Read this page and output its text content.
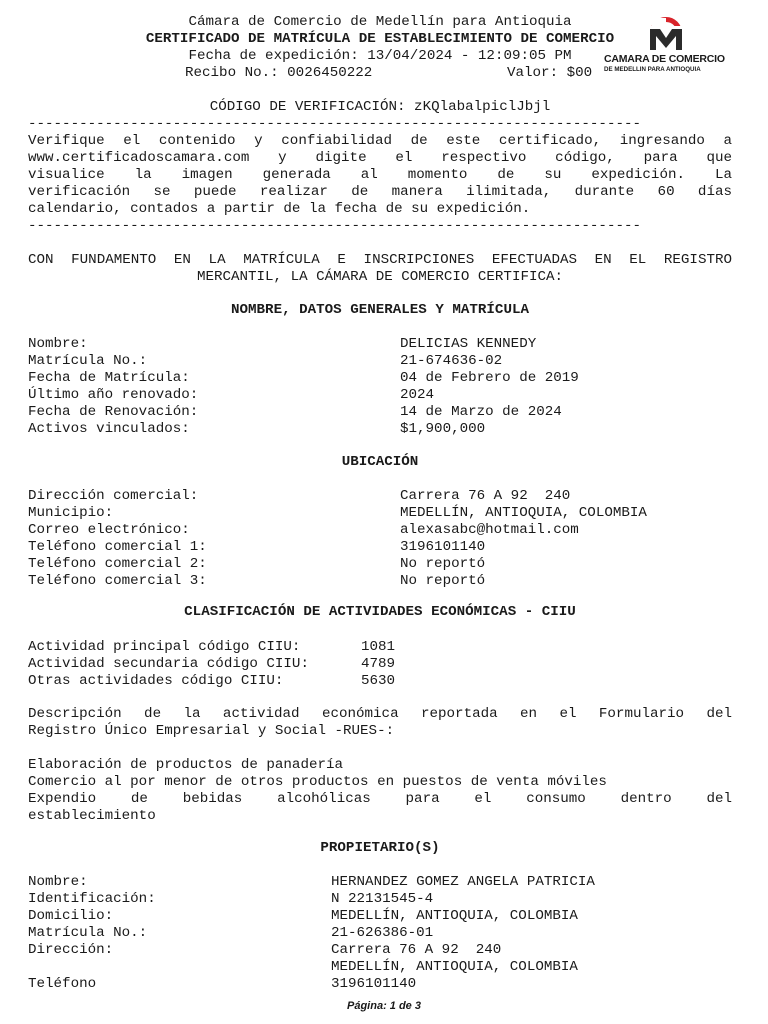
Cámara de Comercio de Medellín para Antioquia
CERTIFICADO DE MATRÍCULA DE ESTABLECIMIENTO DE COMERCIO
Fecha de expedición: 13/04/2024 - 12:09:05 PM
Recibo No.: 0026450222	Valor: $00
CAMARA DE COMERCIO
DE MEDELLIN PARA ANTIOQUIA
CÓDIGO DE VERIFICACIÓN: zKQlabalpiclJbjl
------------------------------------------------------------------------
Verifique el contenido y confiabilidad de este certificado, ingresando a
www.certificadoscamara.com y digite el respectivo código, para que
visualice la imagen generada al momento de su expedición. La
verificación se puede realizar de manera ilimitada, durante 60 días
calendario, contados a partir de la fecha de su expedición.
------------------------------------------------------------------------
CON FUNDAMENTO EN LA MATRÍCULA E INSCRIPCIONES EFECTUADAS EN EL REGISTRO
MERCANTIL, LA CÁMARA DE COMERCIO CERTIFICA:
NOMBRE, DATOS GENERALES Y MATRÍCULA
Nombre:	DELICIAS KENNEDY
Matrícula No.:	21-674636-02
Fecha de Matrícula:	04 de Febrero de 2019
Último año renovado:	2024
Fecha de Renovación:	14 de Marzo de 2024
Activos vinculados:	$1,900,000
UBICACIÓN
Dirección comercial:	Carrera 76 A 92  240
Municipio:	MEDELLÍN, ANTIOQUIA, COLOMBIA
Correo electrónico:	alexasabc@hotmail.com
Teléfono comercial 1:	3196101140
Teléfono comercial 2:	No reportó
Teléfono comercial 3:	No reportó
CLASIFICACIÓN DE ACTIVIDADES ECONÓMICAS - CIIU
Actividad principal código CIIU:	1081
Actividad secundaria código CIIU:	4789
Otras actividades código CIIU:	5630
Descripción de la actividad económica reportada en el Formulario del
Registro Único Empresarial y Social -RUES-:
Elaboración de productos de panadería
Comercio al por menor de otros productos en puestos de venta móviles
Expendio de bebidas alcohólicas para el consumo dentro del
establecimiento
PROPIETARIO(S)
Nombre:	HERNANDEZ GOMEZ ANGELA PATRICIA
Identificación:	N 22131545-4
Domicilio:	MEDELLÍN, ANTIOQUIA, COLOMBIA
Matrícula No.:	21-626386-01
Dirección:	Carrera 76 A 92  240
MEDELLÍN, ANTIOQUIA, COLOMBIA
Teléfono	3196101140
Página: 1 de 3
